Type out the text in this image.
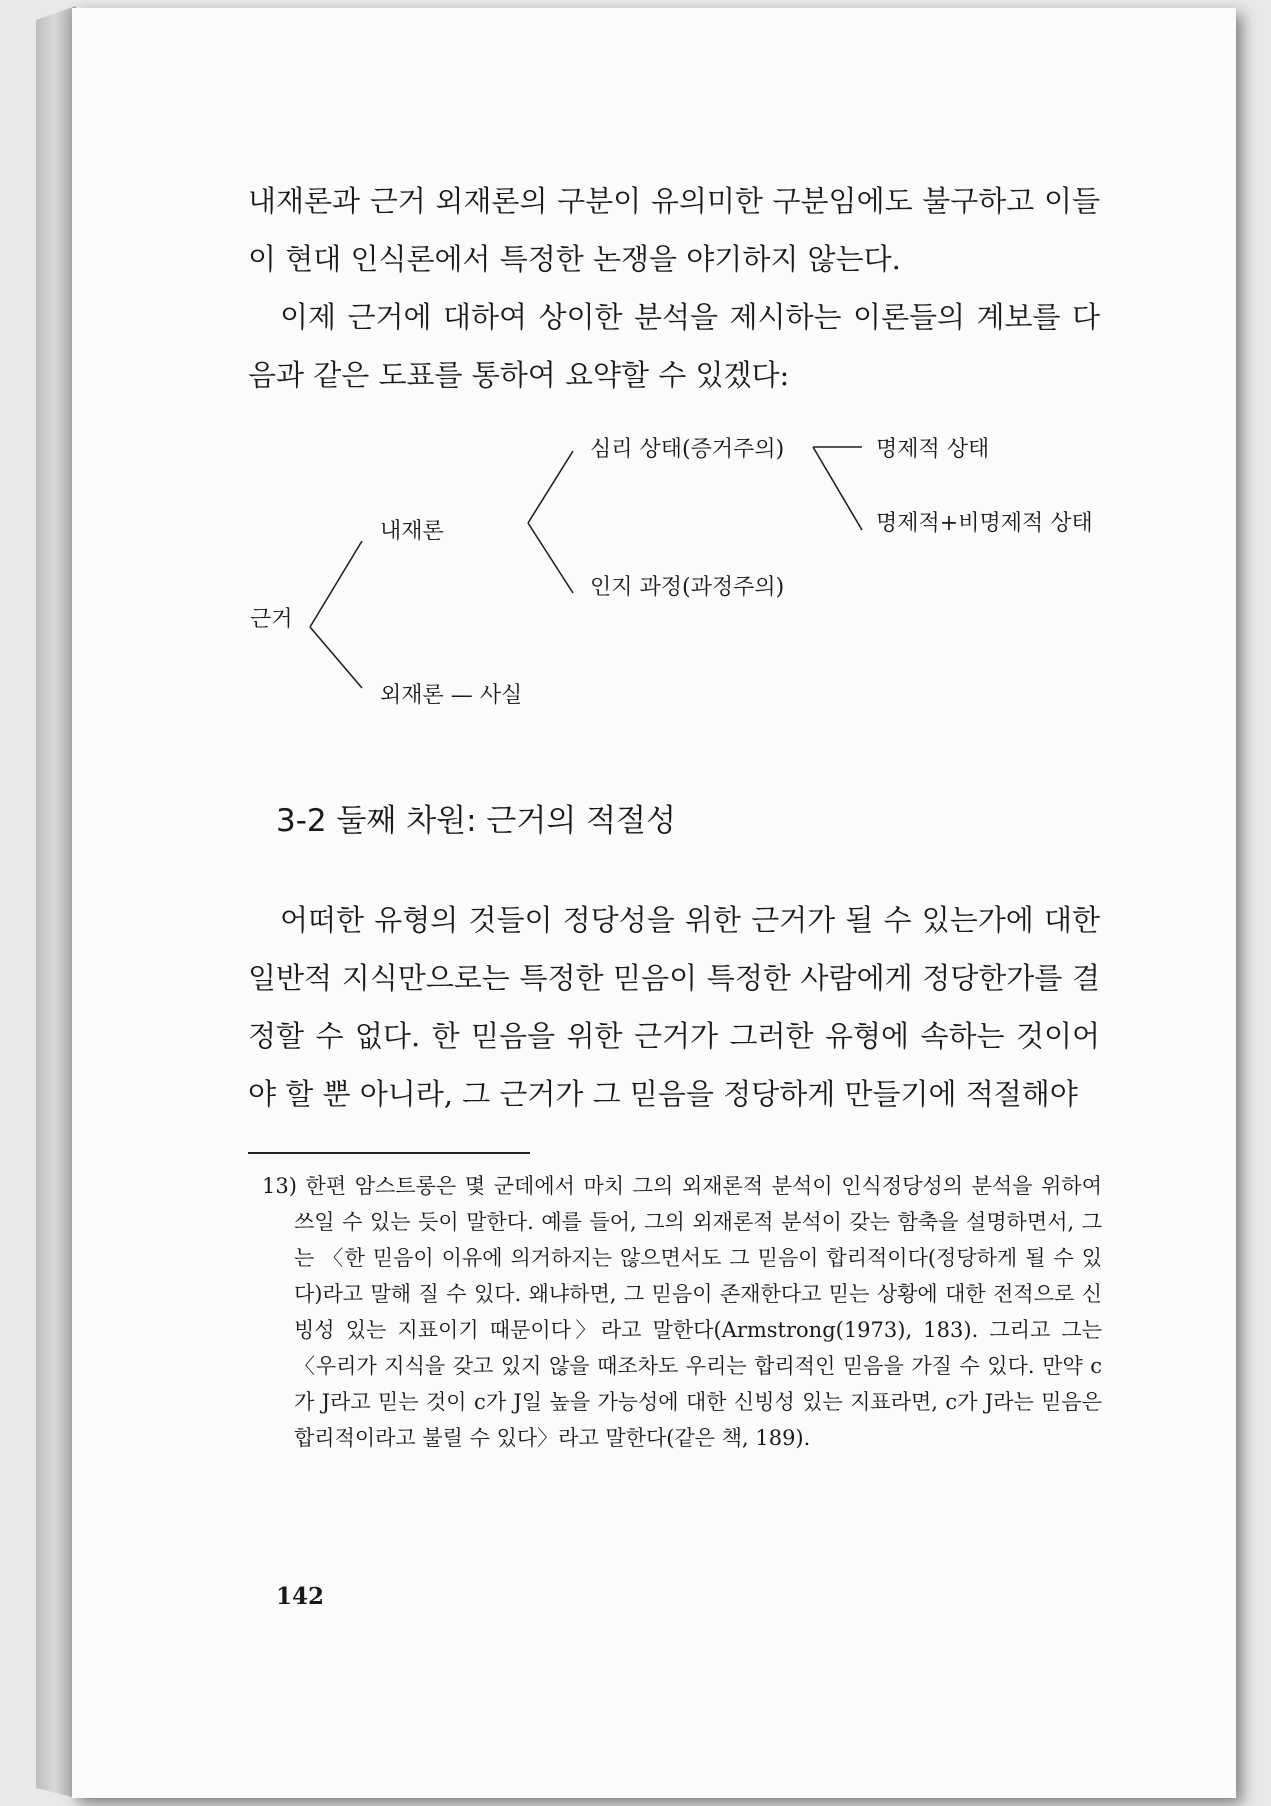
내재론과 근거 외재론의 구분이 유의미한 구분임에도 불구하고 이들이 현대 인식론에서 특정한 논쟁을 야기하지 않는다.

이제 근거에 대하여 상이한 분석을 제시하는 이론들의 계보를 다음과 같은 도표를 통하여 요약할 수 있겠다:

근거
내재론
외재론 — 사실
심리 상태(증거주의)
인지 과정(과정주의)
명제적 상태
명제적+비명제적 상태
3-2 둘째 차원: 근거의 적절성

어떠한 유형의 것들이 정당성을 위한 근거가 될 수 있는가에 대한 일반적 지식만으로는 특정한 믿음이 특정한 사람에게 정당한가를 결정할 수 없다. 한 믿음을 위한 근거가 그러한 유형에 속하는 것이어야 할 뿐 아니라, 그 근거가 그 믿음을 정당하게 만들기에 적절해야

13) 한편 암스트롱은 몇 군데에서 마치 그의 외재론적 분석이 인식정당성의 분석을 위하여 쓰일 수 있는 듯이 말한다. 예를 들어, 그의 외재론적 분석이 갖는 함축을 설명하면서, 그는 〈한 믿음이 이유에 의거하지는 않으면서도 그 믿음이 합리적이다(정당하게 될 수 있다)라고 말해 질 수 있다. 왜냐하면, 그 믿음이 존재한다고 믿는 상황에 대한 전적으로 신빙성 있는 지표이기 때문이다〉라고 말한다(Armstrong(1973), 183). 그리고 그는 〈우리가 지식을 갖고 있지 않을 때조차도 우리는 합리적인 믿음을 가질 수 있다. 만약 c가 J라고 믿는 것이 c가 J일 높을 가능성에 대한 신빙성 있는 지표라면, c가 J라는 믿음은 합리적이라고 불릴 수 있다〉라고 말한다(같은 책, 189).
142
